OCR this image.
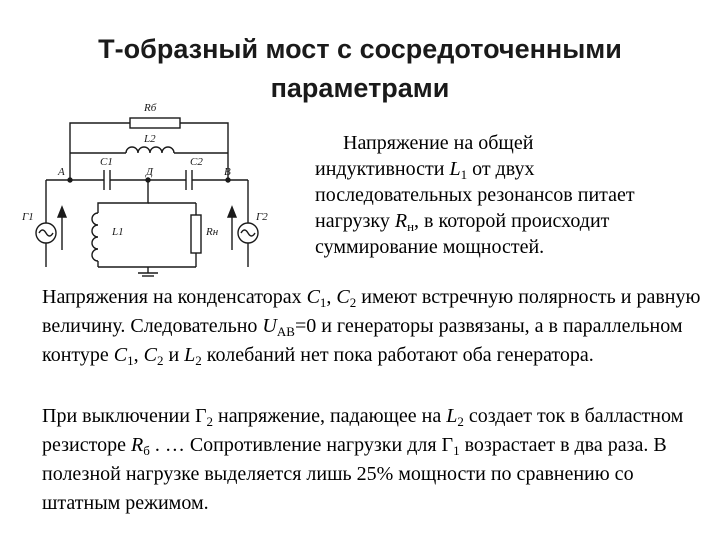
Т-образный мост с сосредоточенными
параметрами
Rб
L2
C1	C2
A	Д	B
L1	Rн
Г1	Г2
Напряжение на общей
индуктивности $L_1$ от двух
последовательных резонансов питает
нагрузку $R_н$, в которой происходит
суммирование мощностей.

Напряжения на конденсаторах $C_1$, $C_2$ имеют встречную полярность и равную величину. Следовательно $U_{AB}=0$ и генераторы развязаны, а в параллельном контуре $C_1$, $C_2$ и $L_2$ колебаний нет пока работают оба генератора.

При выключении $Г_2$ напряжение, падающее на $L_2$ создает ток в балластном резисторе $R_б$ . … Сопротивление нагрузки для $Г_1$ возрастает в два раза. В полезной нагрузке выделяется лишь 25% мощности по сравнению со штатным режимом.
